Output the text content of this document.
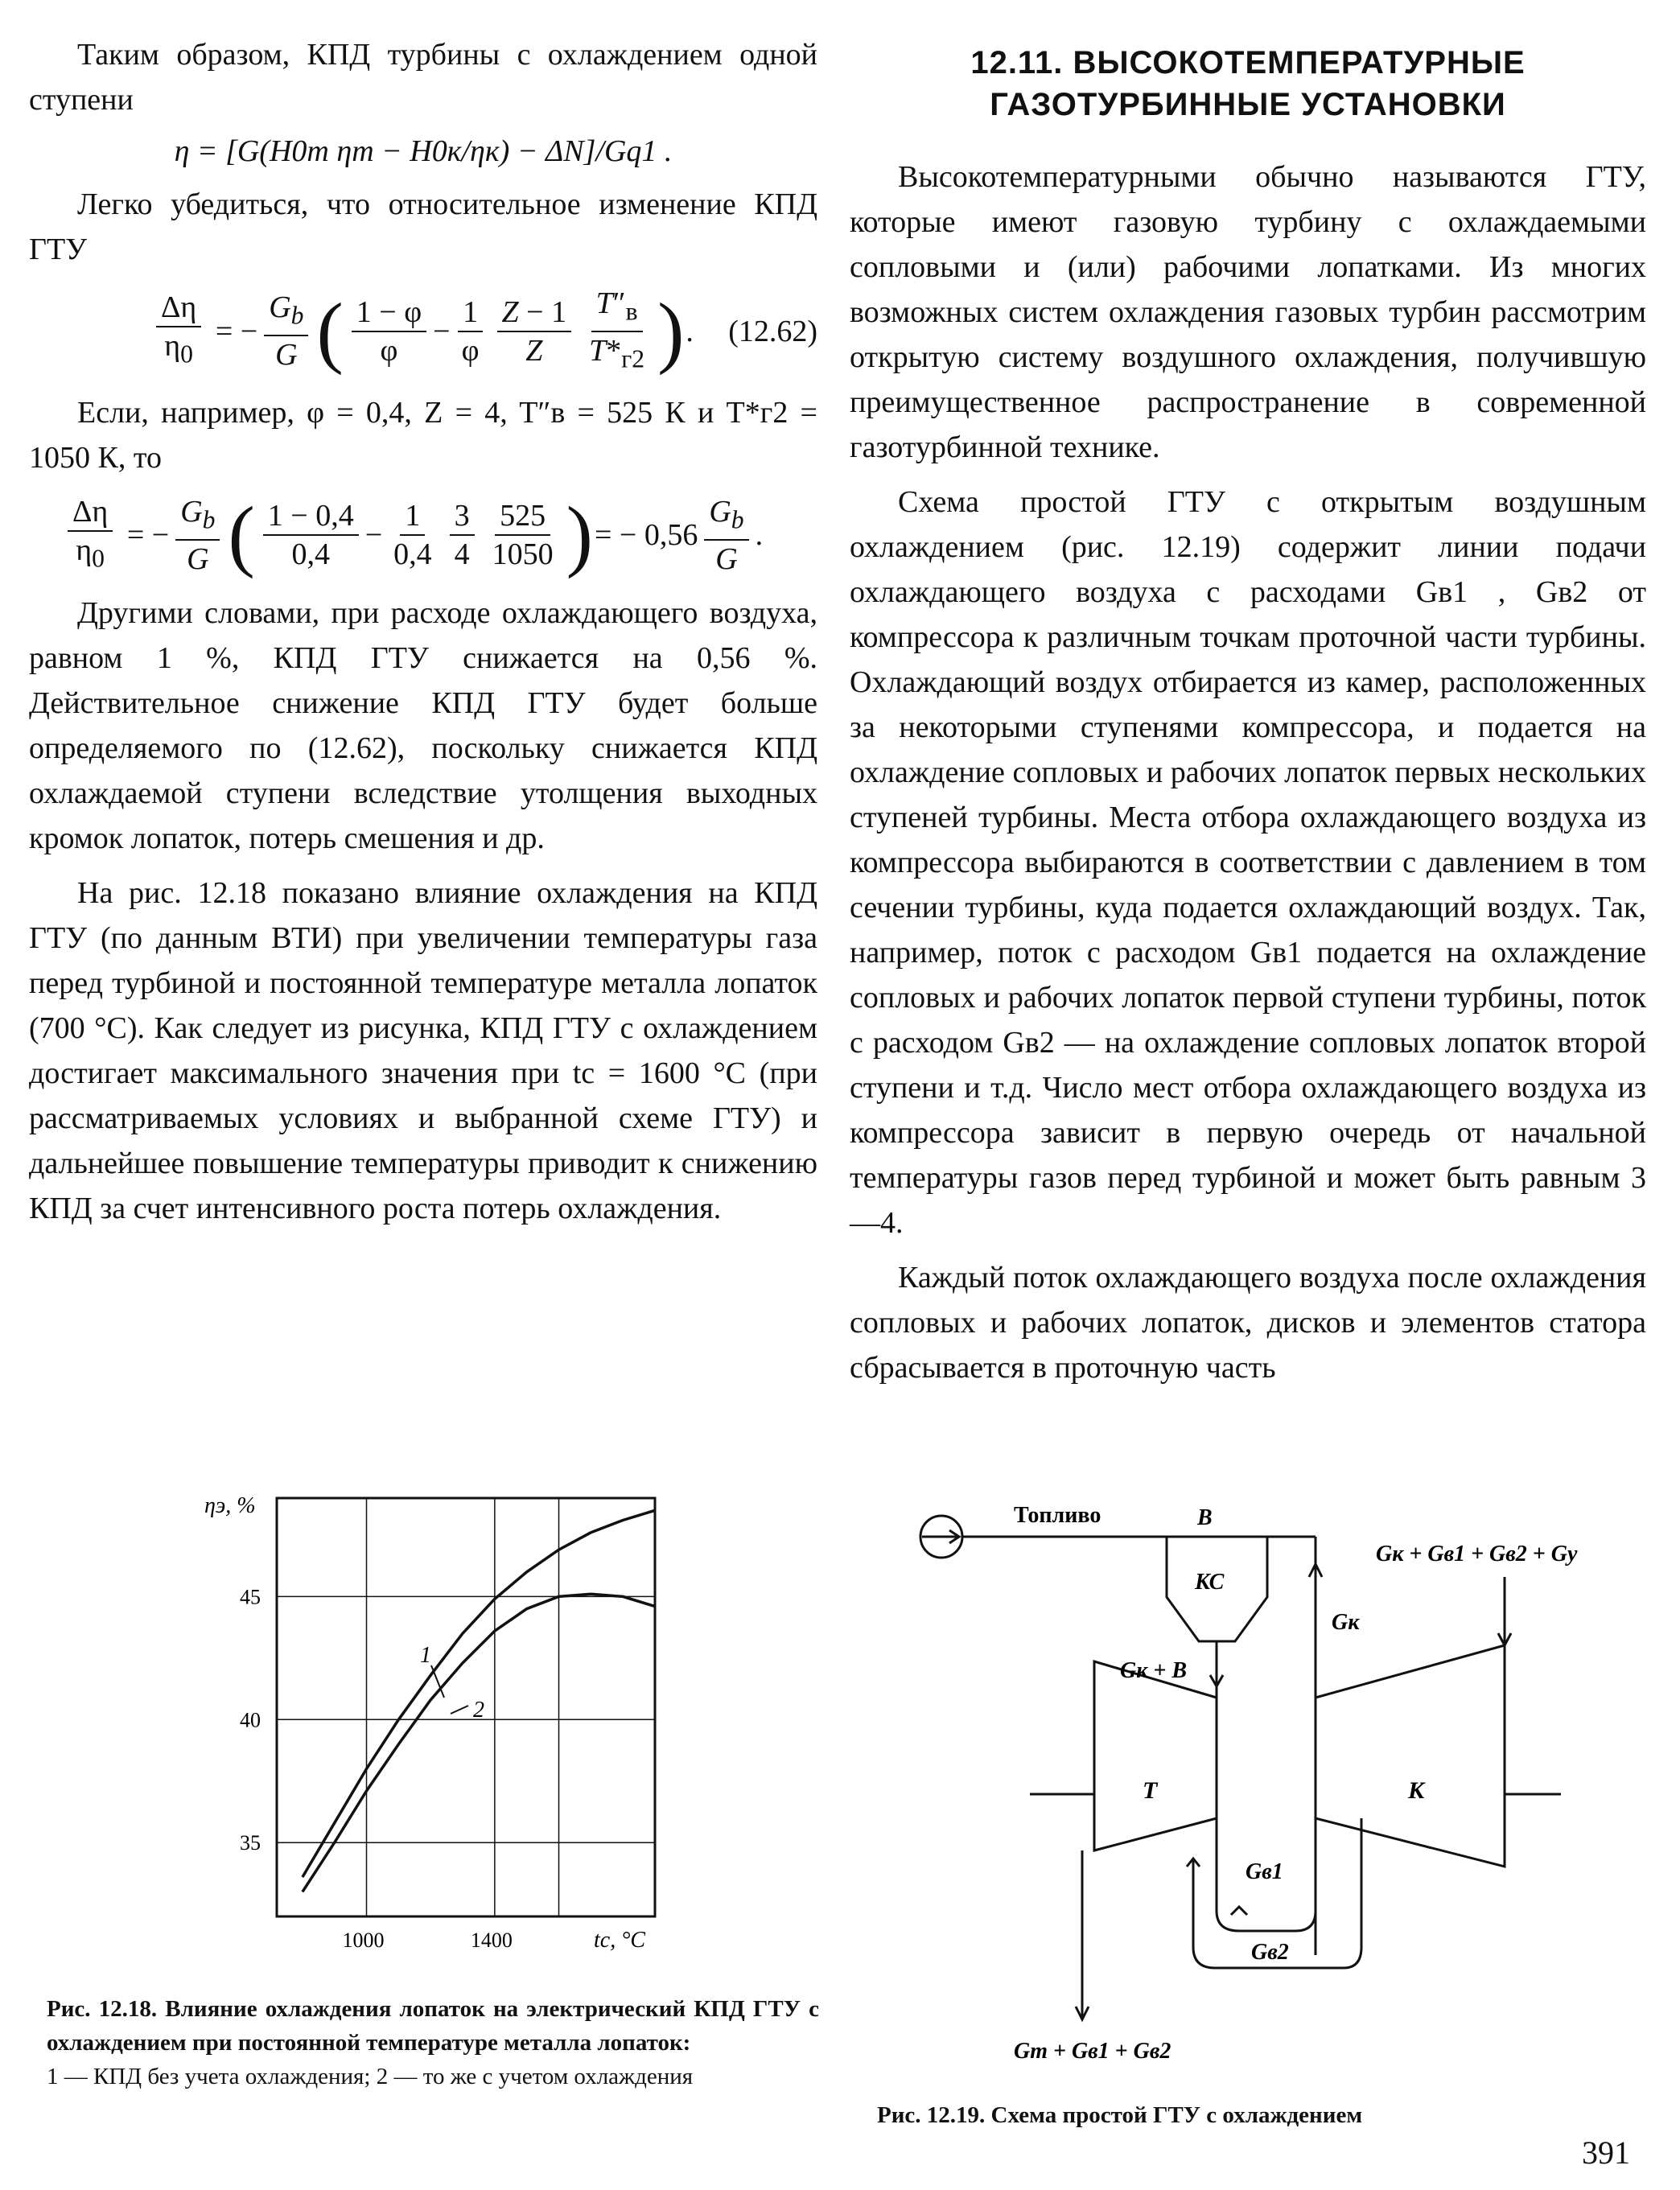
Таким образом, КПД турбины с охлаждением одной ступени

η = [G(H0т ηт − H0к/ηк) − ΔN]/Gq1 .

Легко убедиться, что относительное изменение КПД ГТУ

$\frac{\Delta\eta}{\eta_0}$ = − $\frac{G_b}{G}$ ( $\frac{1 - \varphi}{\varphi} - \frac{1}{\varphi} \frac{Z - 1}{Z} \frac{T''_в}{T*_{г2}}$ ) . (12.62)

Если, например, φ = 0,4, Z = 4, T″в = 525 К и T*г2 = 1050 К, то

$\frac{\Delta\eta}{\eta_0}$ = − $\frac{G_b}{G}$ ( $\frac{1 - 0,4}{0,4} - \frac{1}{0,4} \frac{3}{4} \frac{525}{1050}$ ) = − $0,56 \frac{G_b}{G}$ .

Другими словами, при расходе охлаждающего воздуха, равном 1 %, КПД ГТУ снижается на 0,56 %. Действительное снижение КПД ГТУ будет больше определяемого по (12.62), поскольку снижается КПД охлаждаемой ступени вследствие утолщения выходных кромок лопаток, потерь смешения и др.

На рис. 12.18 показано влияние охлаждения на КПД ГТУ (по данным ВТИ) при увеличении температуры газа перед турбиной и постоянной температуре металла лопаток (700 °С). Как следует из рисунка, КПД ГТУ с охлаждением достигает максимального значения при tс = 1600 °С (при рассматриваемых условиях и выбранной схеме ГТУ) и дальнейшее повышение температуры приводит к снижению КПД за счет интенсивного роста потерь охлаждения.

12.11. ВЫСОКОТЕМПЕРАТУРНЫЕ
ГАЗОТУРБИННЫЕ УСТАНОВКИ

Высокотемпературными обычно называются ГТУ, которые имеют газовую турбину с охлаждаемыми сопловыми и (или) рабочими лопатками. Из многих возможных систем охлаждения газовых турбин рассмотрим открытую систему воздушного охлаждения, получившую преимущественное распространение в современной газотурбинной технике.

Схема простой ГТУ с открытым воздушным охлаждением (рис. 12.19) содержит линии подачи охлаждающего воздуха с расходами Gв1 , Gв2 от компрессора к различным точкам проточной части турбины. Охлаждающий воздух отбирается из камер, расположенных за некоторыми ступенями компрессора, и подается на охлаждение сопловых и рабочих лопаток первых нескольких ступеней турбины. Места отбора охлаждающего воздуха из компрессора выбираются в соответствии с давлением в том сечении турбины, куда подается охлаждающий воздух. Так, например, поток с расходом Gв1 подается на охлаждение сопловых и рабочих лопаток первой ступени турбины, поток с расходом Gв2 — на охлаждение сопловых лопаток второй ступени и т.д. Число мест отбора охлаждающего воздуха из компрессора зависит в первую очередь от начальной температуры газов перед турбиной и может быть равным 3—4.

Каждый поток охлаждающего воздуха после охлаждения сопловых и рабочих лопаток, дисков и элементов статора сбрасывается в проточную часть

35
40
45
1000	1400
ηэ, %
tс, °С
1
2
Рис. 12.18. Влияние охлаждения лопаток на электрический КПД ГТУ с охлаждением при постоянной температуре металла лопаток:
1 — КПД без учета охлаждения; 2 — то же с учетом охлаждения
Топливо	B
КС
Т	К
Gк
Gк + B
Gв1
Gв2
Gт + Gв1 + Gв2
Gк + Gв1 + Gв2 + Gу
Рис. 12.19. Схема простой ГТУ с охлаждением
391
